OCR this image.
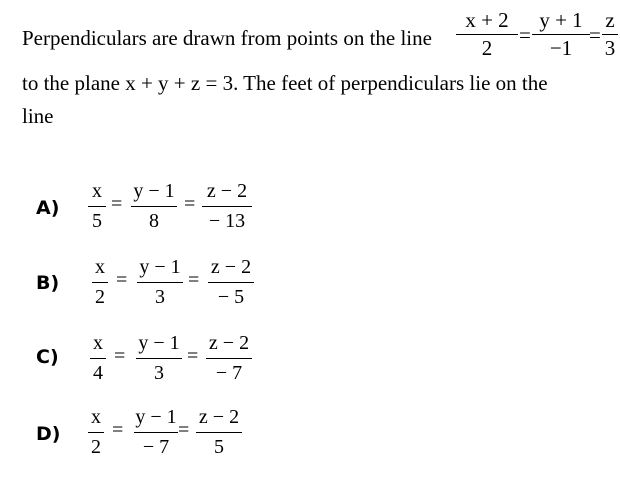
Perpendiculars are drawn from points on the line
x + 2
2
=
y + 1
−1
=
z
3
to the plane x + y + z = 3. The feet of perpendiculars lie on the
line
A)
x
5
=
y − 1
8
=
z − 2
− 13
B)
x
2
=
y − 1
3
=
z − 2
− 5
C)
x
4
=
y − 1
3
=
z − 2
− 7
D)
x
2
=
y − 1
− 7
=
z − 2
5
